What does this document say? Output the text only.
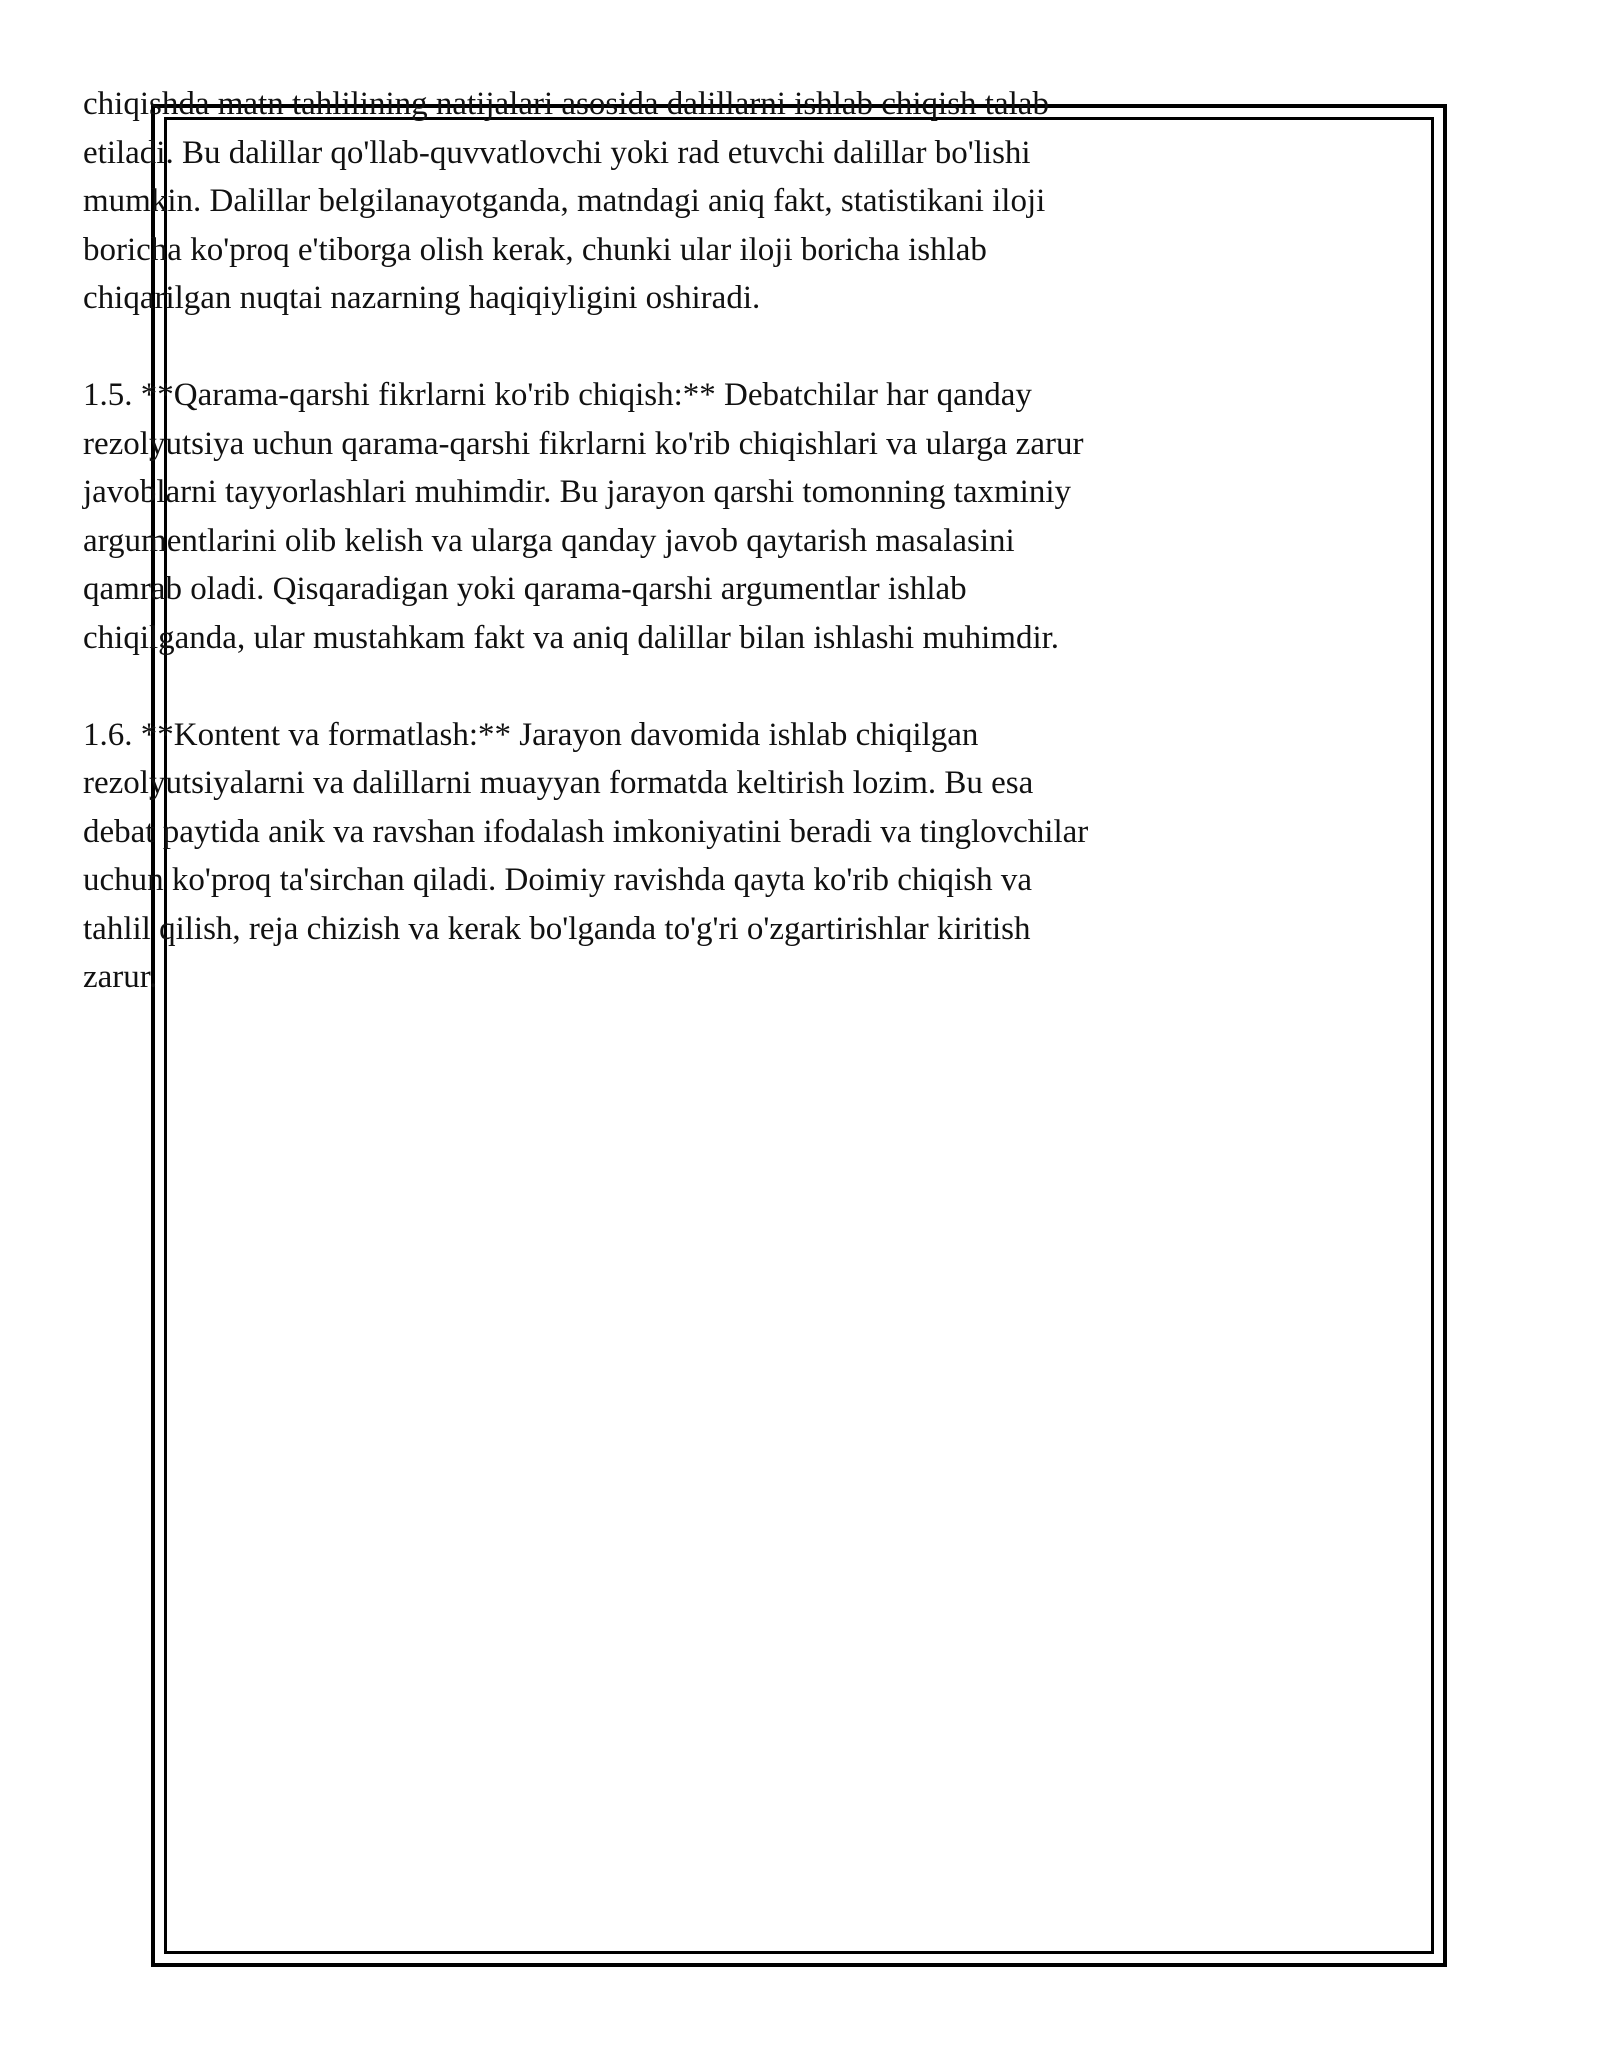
chiqishda matn tahlilining natijalari asosida dalillarni ishlab chiqish talab
etiladi. Bu dalillar qo'llab-quvvatlovchi yoki rad etuvchi dalillar bo'lishi
mumkin. Dalillar belgilanayotganda, matndagi aniq fakt, statistikani iloji
boricha ko'proq e'tiborga olish kerak, chunki ular iloji boricha ishlab
chiqarilgan nuqtai nazarning haqiqiyligini oshiradi.

1.5. **Qarama-qarshi fikrlarni ko'rib chiqish:** Debatchilar har qanday
rezolyutsiya uchun qarama-qarshi fikrlarni ko'rib chiqishlari va ularga zarur
javoblarni tayyorlashlari muhimdir. Bu jarayon qarshi tomonning taxminiy
argumentlarini olib kelish va ularga qanday javob qaytarish masalasini
qamrab oladi. Qisqaradigan yoki qarama-qarshi argumentlar ishlab
chiqilganda, ular mustahkam fakt va aniq dalillar bilan ishlashi muhimdir.

1.6. **Kontent va formatlash:** Jarayon davomida ishlab chiqilgan
rezolyutsiyalarni va dalillarni muayyan formatda keltirish lozim. Bu esa
debat paytida anik va ravshan ifodalash imkoniyatini beradi va tinglovchilar
uchun ko'proq ta'sirchan qiladi. Doimiy ravishda qayta ko'rib chiqish va
tahlil qilish, reja chizish va kerak bo'lganda to'g'ri o'zgartirishlar kiritish
zarur.
